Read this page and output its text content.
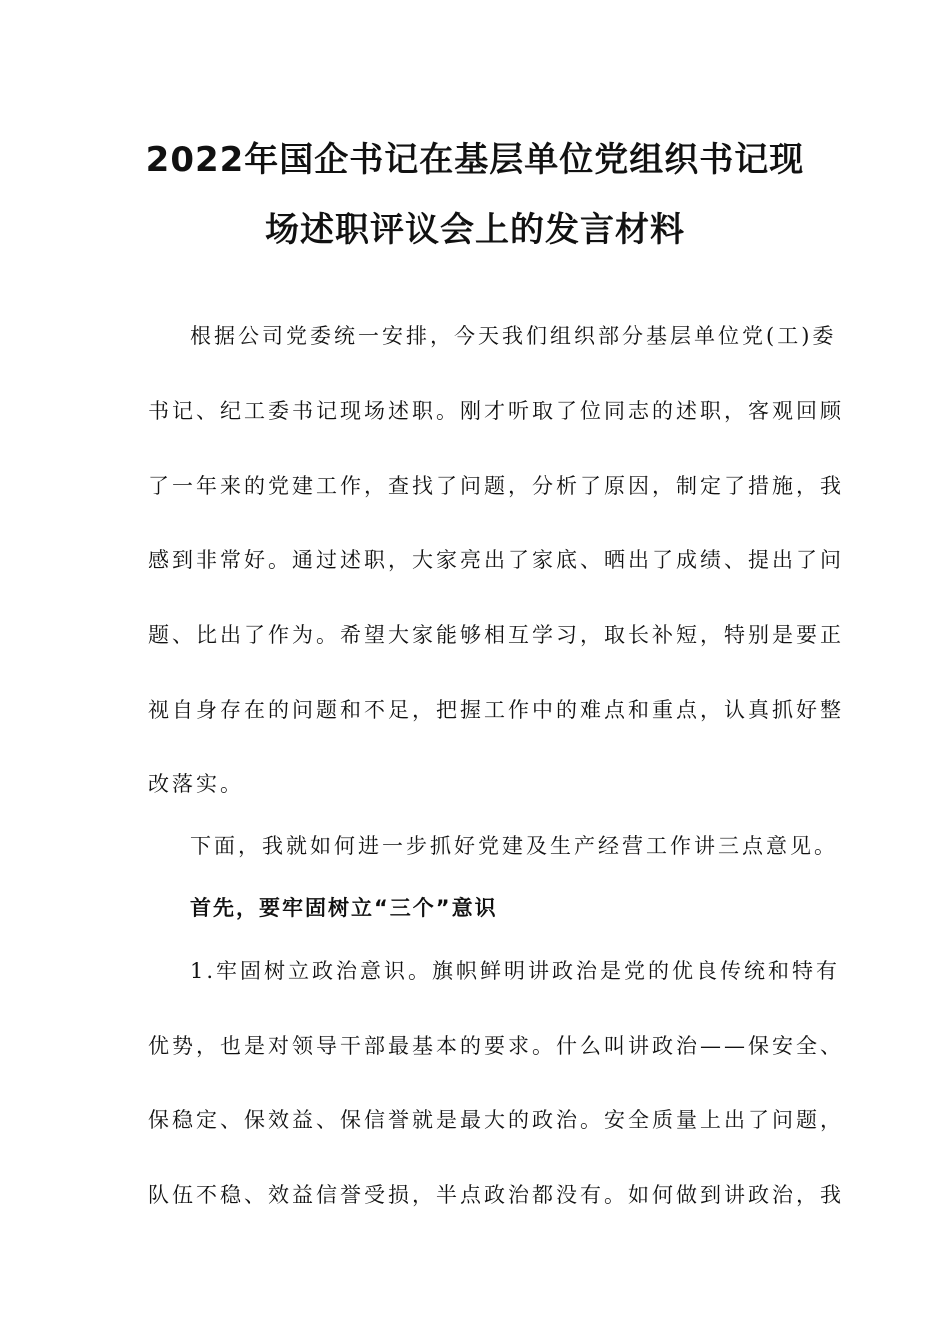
2022年国企书记在基层单位党组织书记现
场述职评议会上的发言材料
根据公司党委统一安排，今天我们组织部分基层单位党(工)委
书记、纪工委书记现场述职。刚才听取了位同志的述职，客观回顾
了一年来的党建工作，查找了问题，分析了原因，制定了措施，我
感到非常好。通过述职，大家亮出了家底、晒出了成绩、提出了问
题、比出了作为。希望大家能够相互学习，取长补短，特别是要正
视自身存在的问题和不足，把握工作中的难点和重点，认真抓好整
改落实。
下面，我就如何进一步抓好党建及生产经营工作讲三点意见。
首先，要牢固树立“三个”意识
1.牢固树立政治意识。旗帜鲜明讲政治是党的优良传统和特有
优势，也是对领导干部最基本的要求。什么叫讲政治——保安全、
保稳定、保效益、保信誉就是最大的政治。安全质量上出了问题，
队伍不稳、效益信誉受损，半点政治都没有。如何做到讲政治，我
